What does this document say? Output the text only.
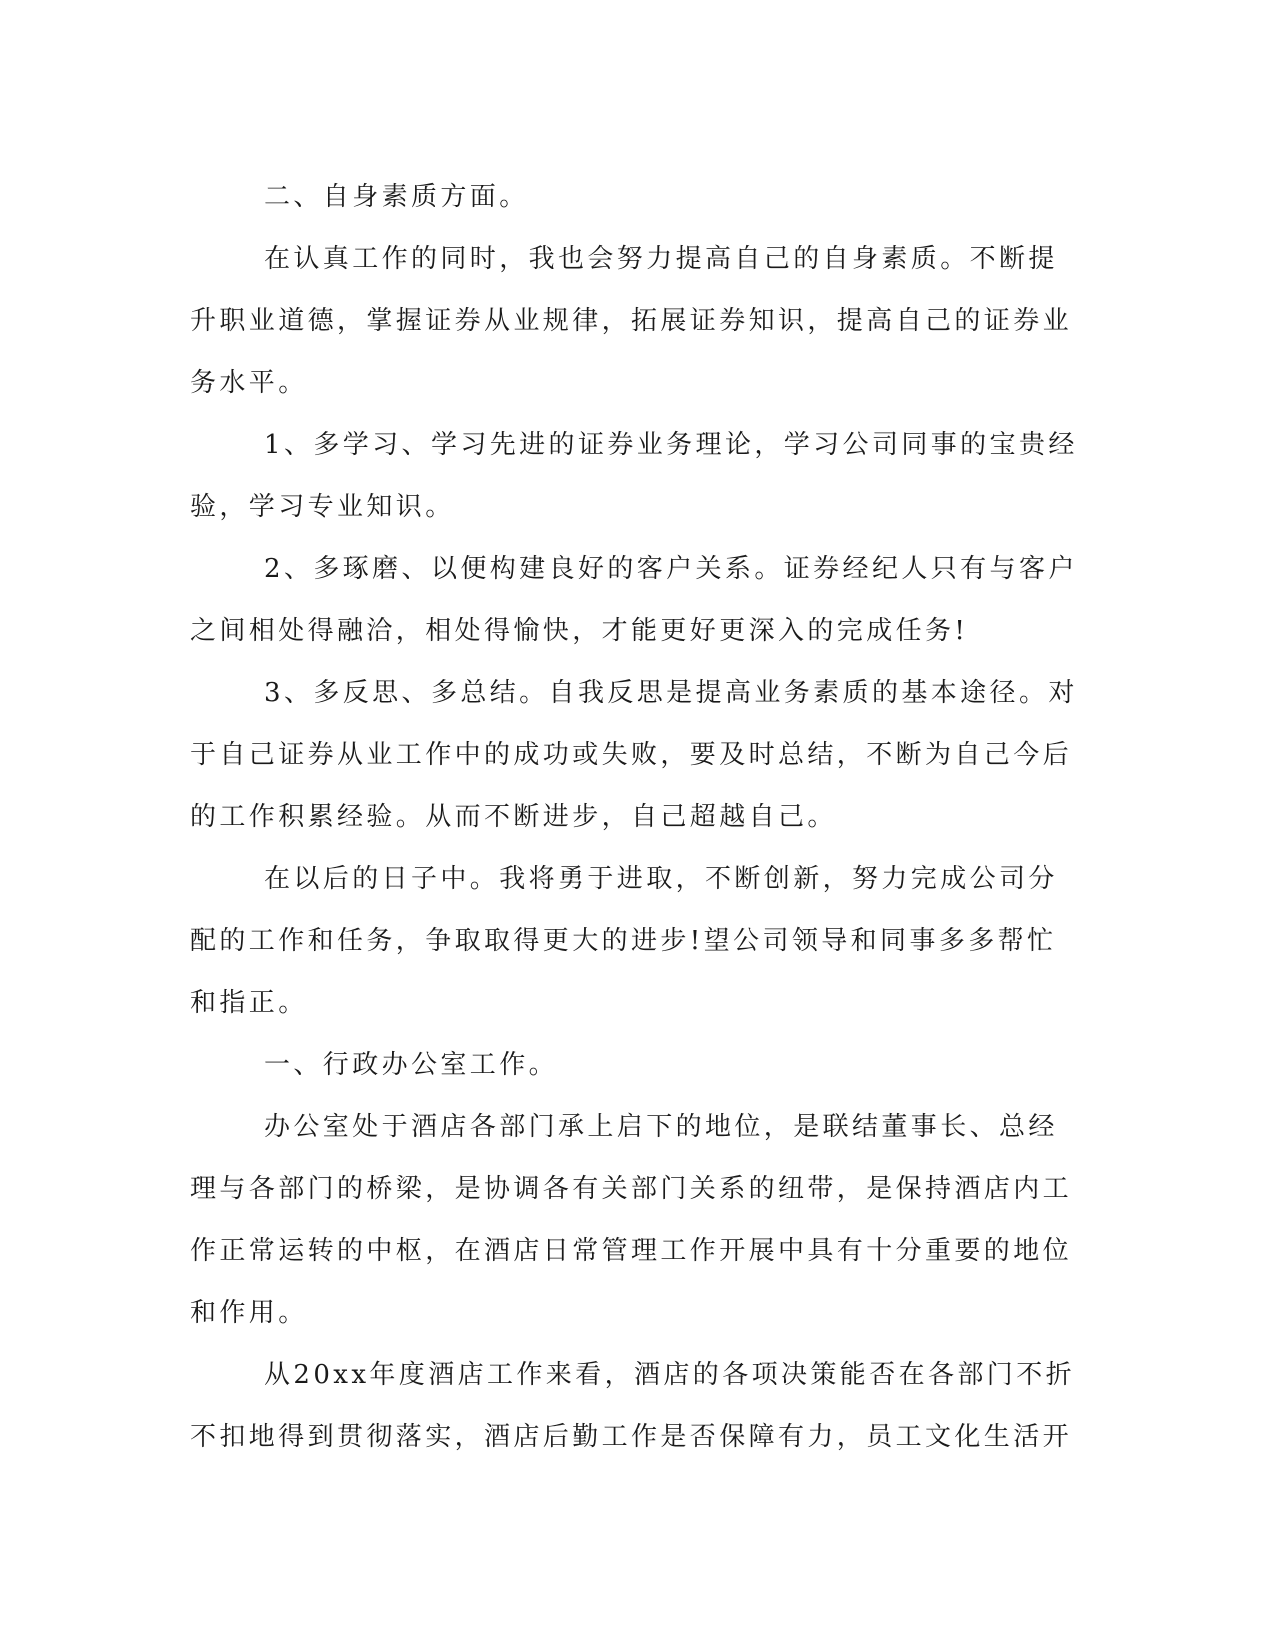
二、自身素质方面。

在认真工作的同时，我也会努力提高自己的自身素质。不断提升职业道德，掌握证券从业规律，拓展证券知识，提高自己的证券业务水平。

1、多学习、学习先进的证券业务理论，学习公司同事的宝贵经验，学习专业知识。

2、多琢磨、以便构建良好的客户关系。证券经纪人只有与客户之间相处得融洽，相处得愉快，才能更好更深入的完成任务!

3、多反思、多总结。自我反思是提高业务素质的基本途径。对于自己证券从业工作中的成功或失败，要及时总结，不断为自己今后的工作积累经验。从而不断进步，自己超越自己。

在以后的日子中。我将勇于进取，不断创新，努力完成公司分配的工作和任务，争取取得更大的进步!望公司领导和同事多多帮忙和指正。

一、行政办公室工作。

办公室处于酒店各部门承上启下的地位，是联结董事长、总经理与各部门的桥梁，是协调各有关部门关系的纽带，是保持酒店内工作正常运转的中枢，在酒店日常管理工作开展中具有十分重要的地位和作用。

从20xx年度酒店工作来看，酒店的各项决策能否在各部门不折不扣地得到贯彻落实，酒店后勤工作是否保障有力，员工文化生活开
